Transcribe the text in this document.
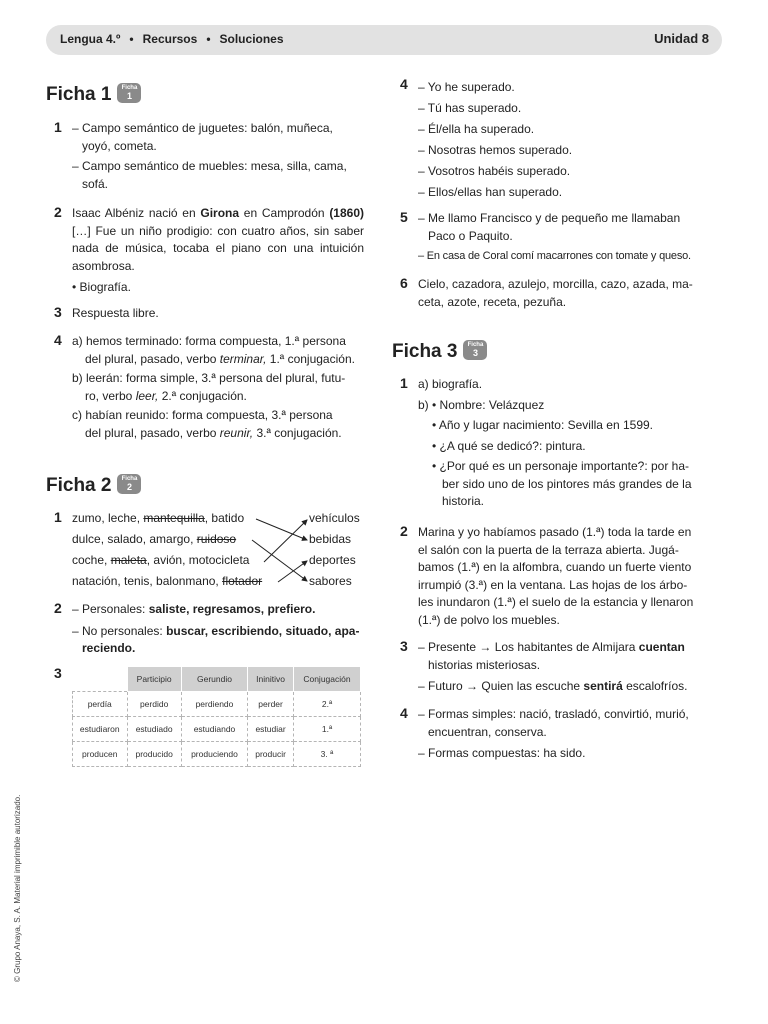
Lengua 4.º • Recursos • Soluciones	Unidad 8
Ficha 1	Ficha
1
1 – Campo semántico de juguetes: balón, muñeca,
yoyó, cometa.
– Campo semántico de muebles: mesa, silla, cama,
sofá.
2 Isaac Albéniz nació en Girona en Camprodón (1860) […] Fue un niño prodigio: con cuatro años, sin saber nada de música, tocaba el piano con una intuición asombrosa.
• Biografía.
3 Respuesta libre.
4 a) hemos terminado: forma compuesta, 1.ª persona
del plural, pasado, verbo terminar, 1.ª conjugación.
b) leerán: forma simple, 3.ª persona del plural, futu-
ro, verbo leer, 2.ª conjugación.
c) habían reunido: forma compuesta, 3.ª persona
del plural, pasado, verbo reunir, 3.ª conjugación.
Ficha 2	Ficha
2
1 zumo, leche, mantequilla, batido
dulce, salado, amargo, ruidoso
coche, maleta, avión, motocicleta
natación, tenis, balonmano, flotador
vehículos
bebidas
deportes
sabores
2 – Personales: saliste, regresamos, prefiero.
– No personales: buscar, escribiendo, situado, apa-
reciendo.
3
		Participio	Gerundio	Ininitivo	Conjugación
perdía	perdido	perdiendo	perder	2.ª
estudiaron	estudiado	estudiando	estudiar	1.ª
producen	producido	produciendo	producir	3. ª
4 – Yo he superado.
– Tú has superado.
– Él/ella ha superado.
– Nosotras hemos superado.
– Vosotros habéis superado.
– Ellos/ellas han superado.
5 – Me llamo Francisco y de pequeño me llamaban
Paco o Paquito.
– En casa de Coral comí macarrones con tomate y queso.
6 Cielo, cazadora, azulejo, morcilla, cazo, azada, ma-
ceta, azote, receta, pezuña.
Ficha 3	Ficha
3
1 a) biografía.
b) • Nombre: Velázquez
• Año y lugar nacimiento: Sevilla en 1599.
• ¿A qué se dedicó?: pintura.
• ¿Por qué es un personaje importante?: por ha-
ber sido uno de los pintores más grandes de la
historia.
2 Marina y yo habíamos pasado (1.ª) toda la tarde en
el salón con la puerta de la terraza abierta. Jugá-
bamos (1.ª) en la alfombra, cuando un fuerte viento
irrumpió (3.ª) en la ventana. Las hojas de los árbo-
les inundaron (1.ª) el suelo de la estancia y llenaron
(1.ª) de polvo los muebles.
3 – Presente → Los habitantes de Almijara cuentan
historias misteriosas.
– Futuro → Quien las escuche sentirá escalofríos.
4 – Formas simples: nació, trasladó, convirtió, murió,
encuentran, conserva.
– Formas compuestas: ha sido.
© Grupo Anaya, S. A. Material imprimible autorizado.
